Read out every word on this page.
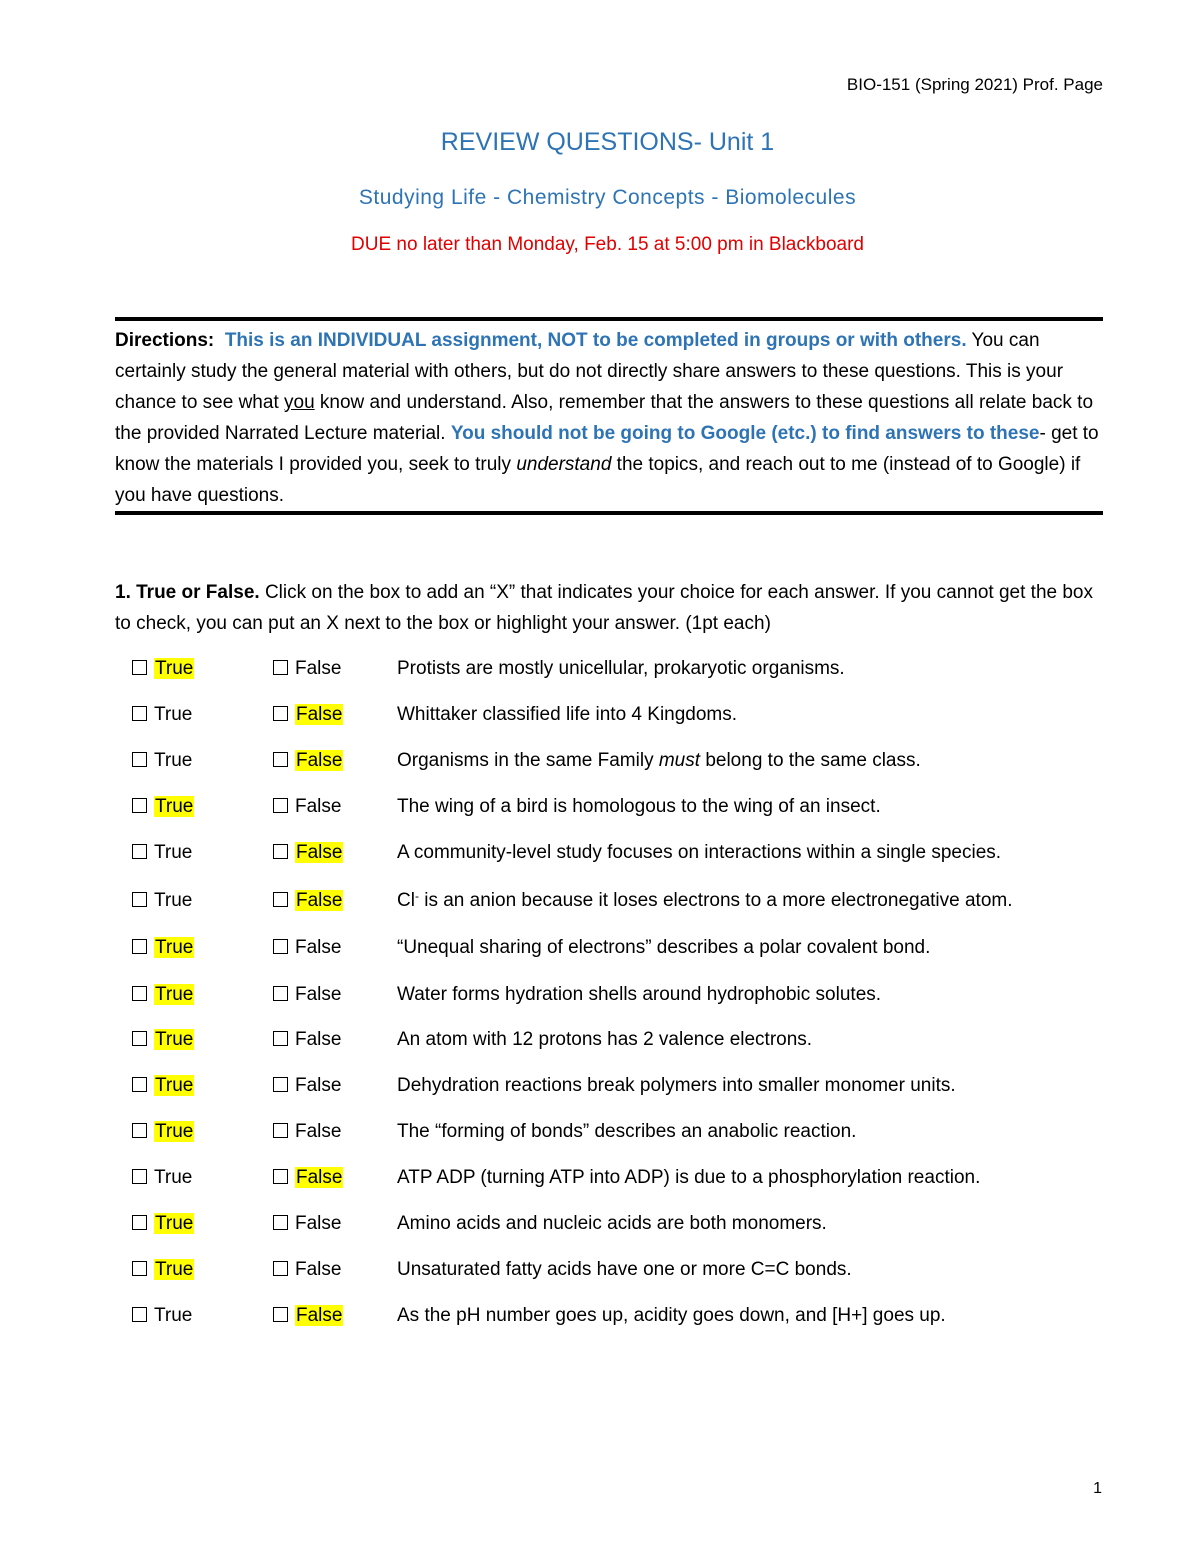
BIO-151 (Spring 2021) Prof. Page
REVIEW QUESTIONS- Unit 1
Studying Life - Chemistry Concepts - Biomolecules
DUE no later than Monday, Feb. 15 at 5:00 pm in Blackboard
Directions: This is an INDIVIDUAL assignment, NOT to be completed in groups or with others. You can certainly study the general material with others, but do not directly share answers to these questions. This is your chance to see what you know and understand. Also, remember that the answers to these questions all relate back to the provided Narrated Lecture material. You should not be going to Google (etc.) to find answers to these- get to know the materials I provided you, seek to truly understand the topics, and reach out to me (instead of to Google) if you have questions.
1. True or False. Click on the box to add an “X” that indicates your choice for each answer. If you cannot get the box to check, you can put an X next to the box or highlight your answer. (1pt each)
True	False	Protists are mostly unicellular, prokaryotic organisms.
True	False	Whittaker classified life into 4 Kingdoms.
True	False	Organisms in the same Family must belong to the same class.
True	False	The wing of a bird is homologous to the wing of an insect.
True	False	A community-level study focuses on interactions within a single species.
True	False	Cl- is an anion because it loses electrons to a more electronegative atom.
True	False	“Unequal sharing of electrons” describes a polar covalent bond.
True	False	Water forms hydration shells around hydrophobic solutes.
True	False	An atom with 12 protons has 2 valence electrons.
True	False	Dehydration reactions break polymers into smaller monomer units.
True	False	The “forming of bonds” describes an anabolic reaction.
True	False	ATP ADP (turning ATP into ADP) is due to a phosphorylation reaction.
True	False	Amino acids and nucleic acids are both monomers.
True	False	Unsaturated fatty acids have one or more C=C bonds.
True	False	As the pH number goes up, acidity goes down, and [H+] goes up.
1
